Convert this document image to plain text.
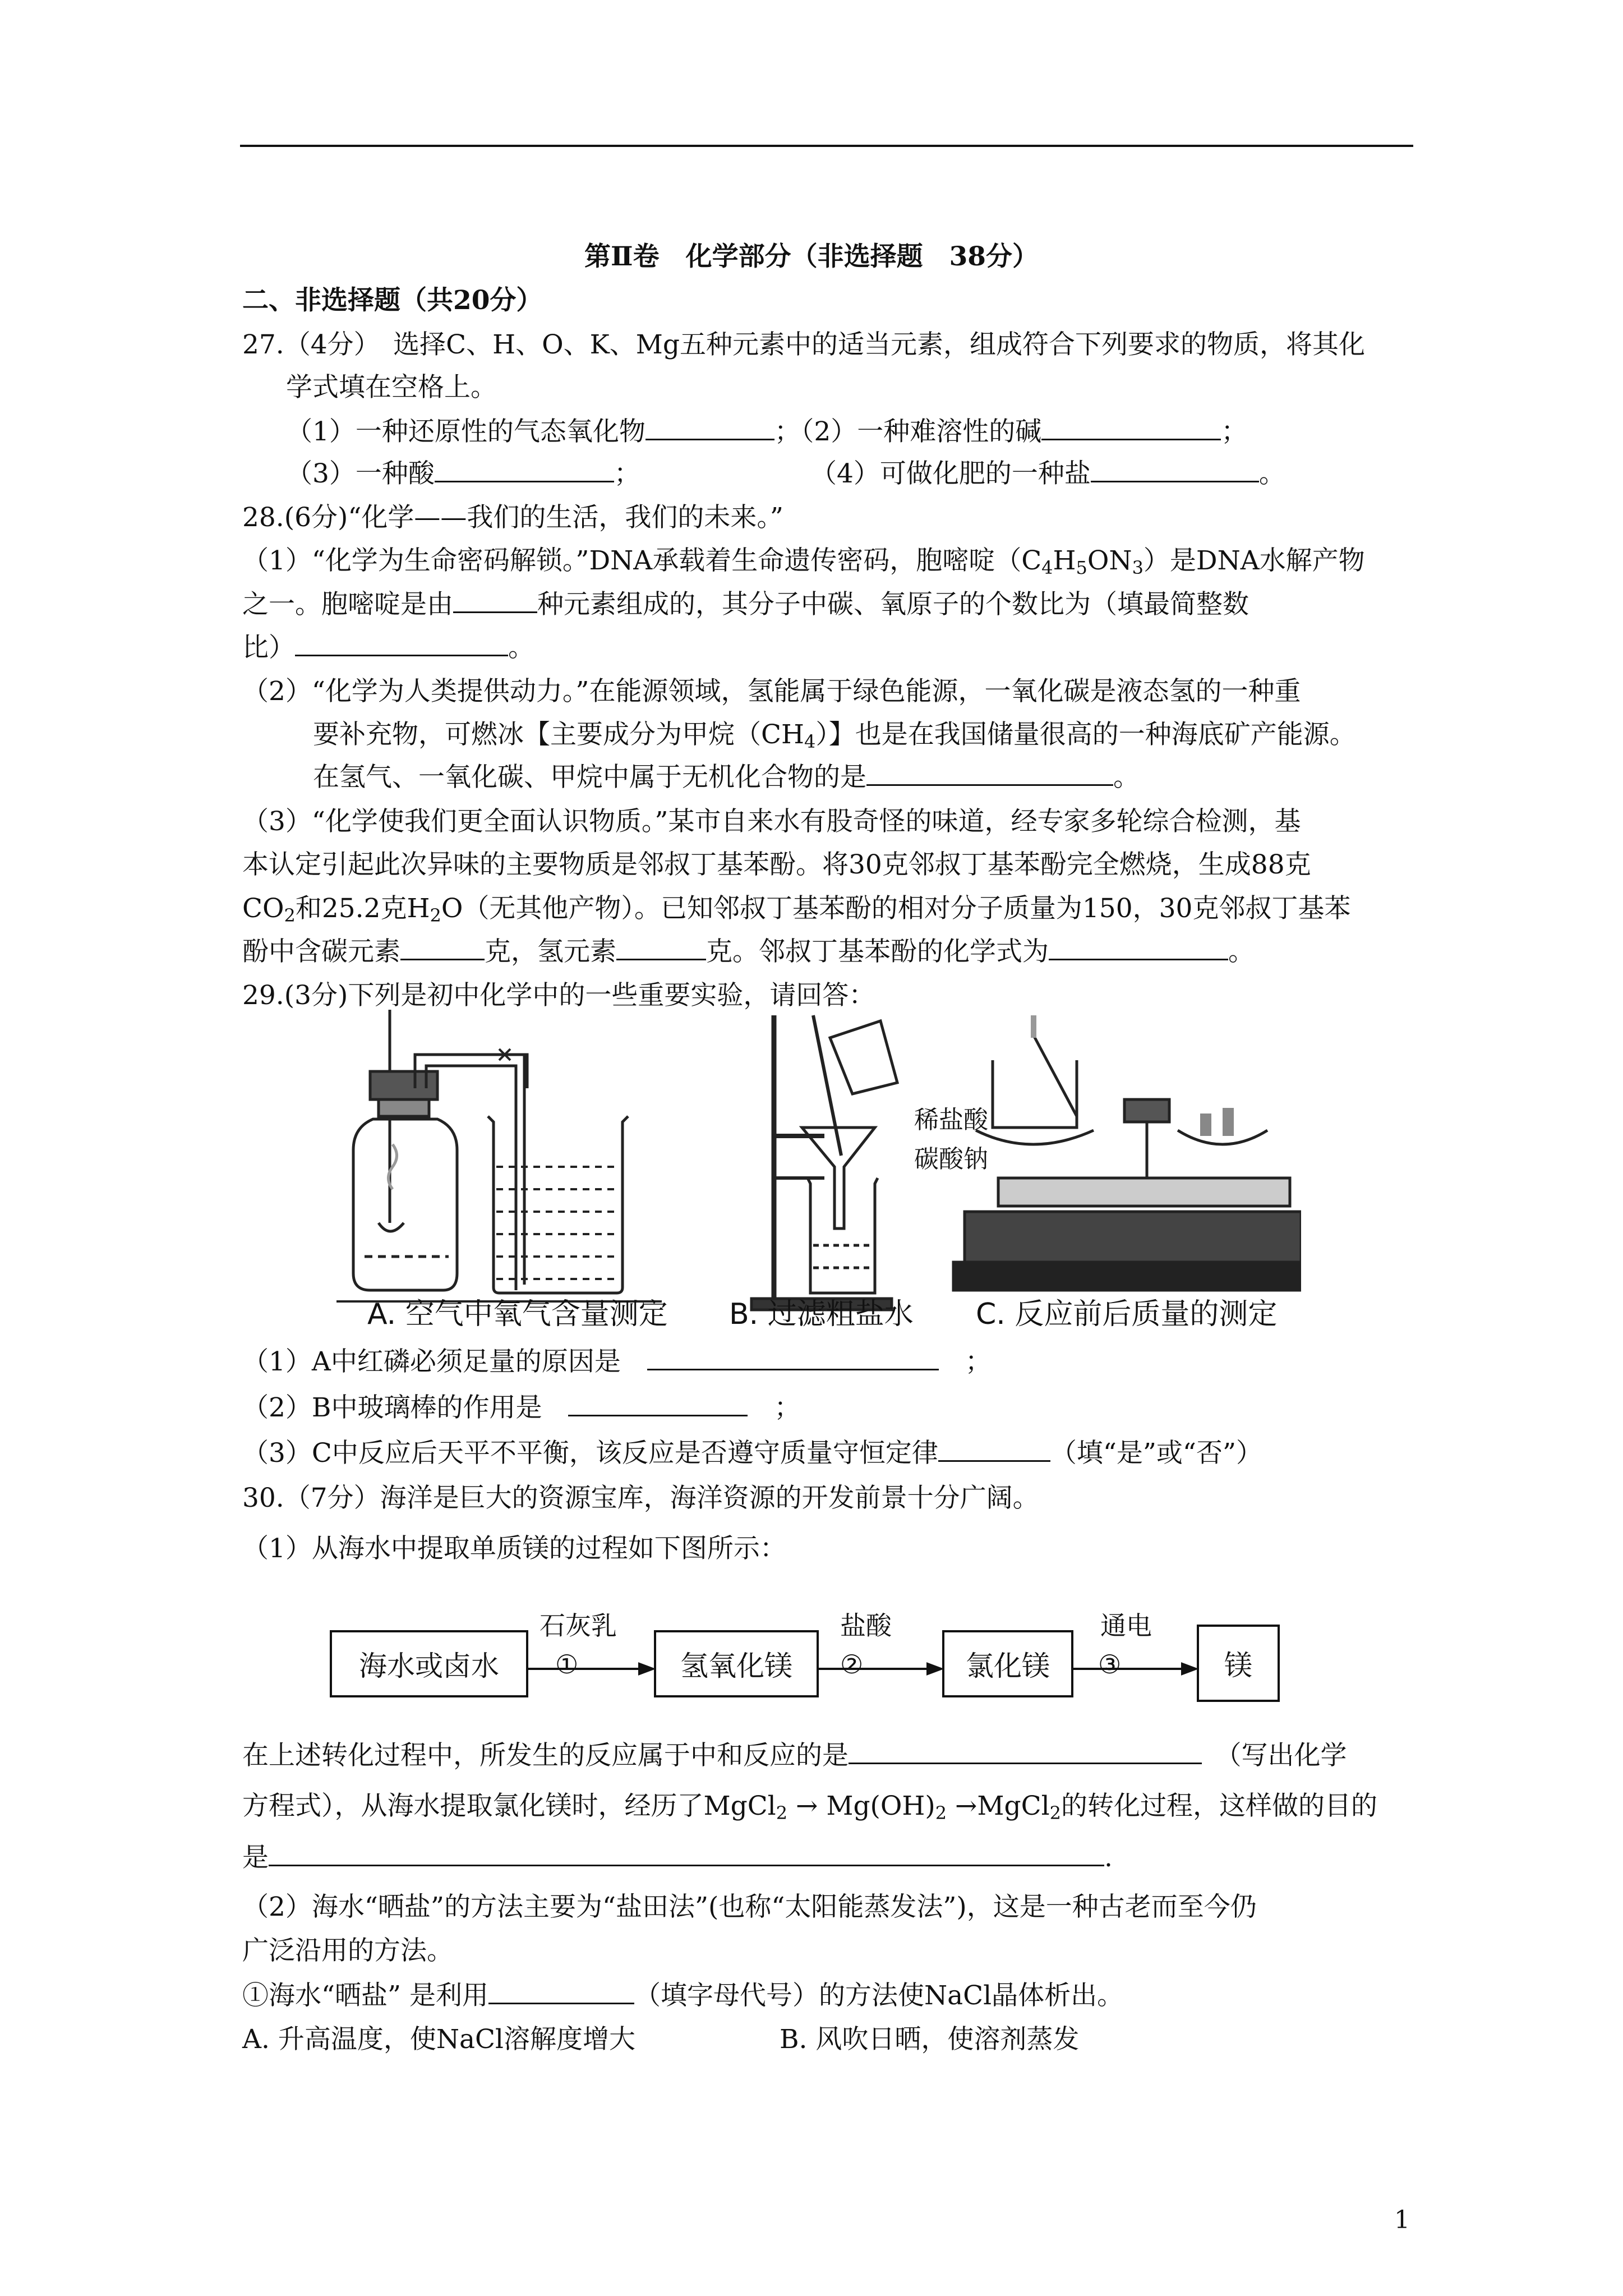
第Ⅱ卷　化学部分（非选择题　38分）
二、非选择题（共20分）
27.（4分）　选择C、H、O、K、Mg五种元素中的适当元素，组成符合下列要求的物质，将其化
学式填在空格上。
（1）一种还原性的气态氧化物	；（2）一种难溶性的碱	；
（3）一种酸	；	（4）可做化肥的一种盐	。
28.(6分)“化学——我们的生活，我们的未来。”
（1）“化学为生命密码解锁。”DNA承载着生命遗传密码，胞嘧啶$(C_4H_5ON_3)$是DNA水解产物
之一。胞嘧啶是由	种元素组成的，其分子中碳、氧原子的个数比为（填最简整数
比）	。
（2）“化学为人类提供动力。”在能源领域，氢能属于绿色能源，一氧化碳是液态氢的一种重
要补充物，可燃冰【主要成分为甲烷$(CH_4)$】也是在我国储量很高的一种海底矿产能源。
在氢气、一氧化碳、甲烷中属于无机化合物的是	。
（3）“化学使我们更全面认识物质。”某市自来水有股奇怪的味道，经专家多轮综合检测，基
本认定引起此次异味的主要物质是邻叔丁基苯酚。将30克邻叔丁基苯酚完全燃烧，生成88克
$CO_2$和25.2克$H_2O$（无其他产物）。已知邻叔丁基苯酚的相对分子质量为150，30克邻叔丁基苯
酚中含碳元素	克，氢元素	克。邻叔丁基苯酚的化学式为	。
29.(3分)下列是初中化学中的一些重要实验，请回答：
稀盐酸
碳酸钠
A. 空气中氧气含量测定 B. 过滤粗盐水 C. 反应前后质量的测定
（1）A中红磷必须足量的原因是　	　；
（2）B中玻璃棒的作用是　	　；
（3）C中反应后天平不平衡，该反应是否遵守质量守恒定律	（填“是”或“否”）
30.（7分）海洋是巨大的资源宝库，海洋资源的开发前景十分广阔。
（1）从海水中提取单质镁的过程如下图所示：
海水或卤水	氢氧化镁	氯化镁	镁
石灰乳	盐酸	通电
①	②	③
在上述转化过程中，所发生的反应属于中和反应的是　	（写出化学
方程式），从海水提取氯化镁时，经历了MgCl$_2$ → $Mg(OH)_2$ →MgCl$_2$的转化过程，这样做的目的
是	.
（2）海水“晒盐”的方法主要为“盐田法”(也称“太阳能蒸发法”)，这是一种古老而至今仍
广泛沿用的方法。
①海水“晒盐” 是利用	（填字母代号）的方法使NaCl晶体析出。
A. 升高温度，使NaCl溶解度增大	B. 风吹日晒，使溶剂蒸发
1
